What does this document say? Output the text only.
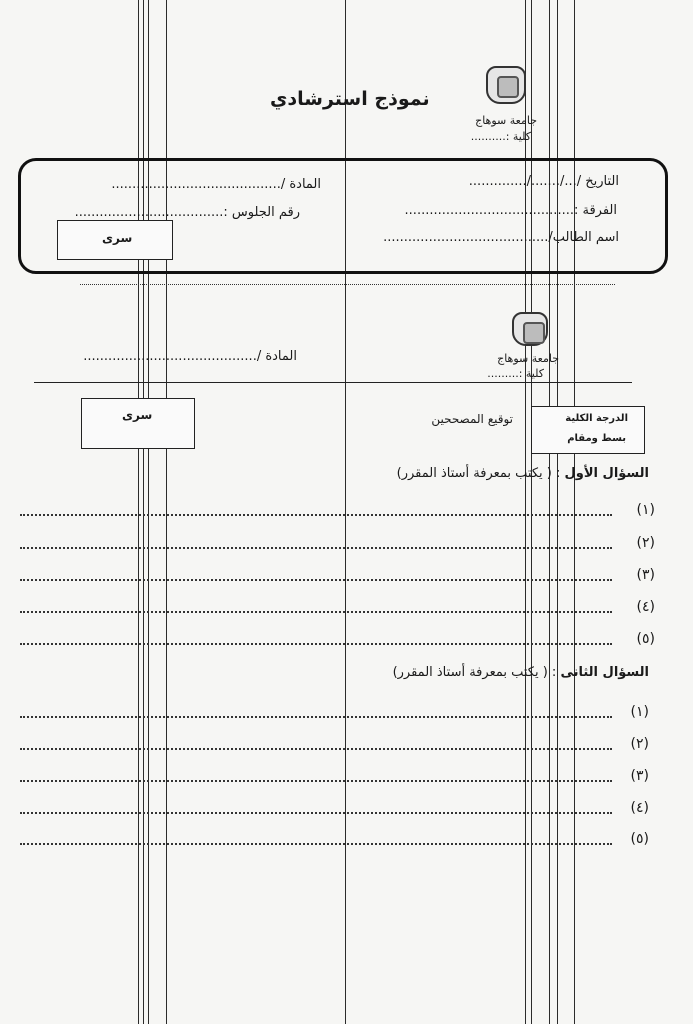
جامعة سوهاج
كلية :..........
نموذج استرشادي
التاريخ /.../......./..............
الفرقة :.........................................
اسم الطالب/........................................
المادة /.........................................
رقم الجلوس :....................................
سرى
جامعة سوهاج
كلية :.........
المادة /..........................................
سرى	توقيع المصححين	الدرجة الكلية
بسط ومقام
السؤال الأول : ( يكتب بمعرفة أستاذ المقرر)
(١)
(٢)
(٣)
(٤)
(٥)
السؤال الثانى : ( يكتب بمعرفة أستاذ المقرر)
(١)
(٢)
(٣)
(٤)
(٥)
